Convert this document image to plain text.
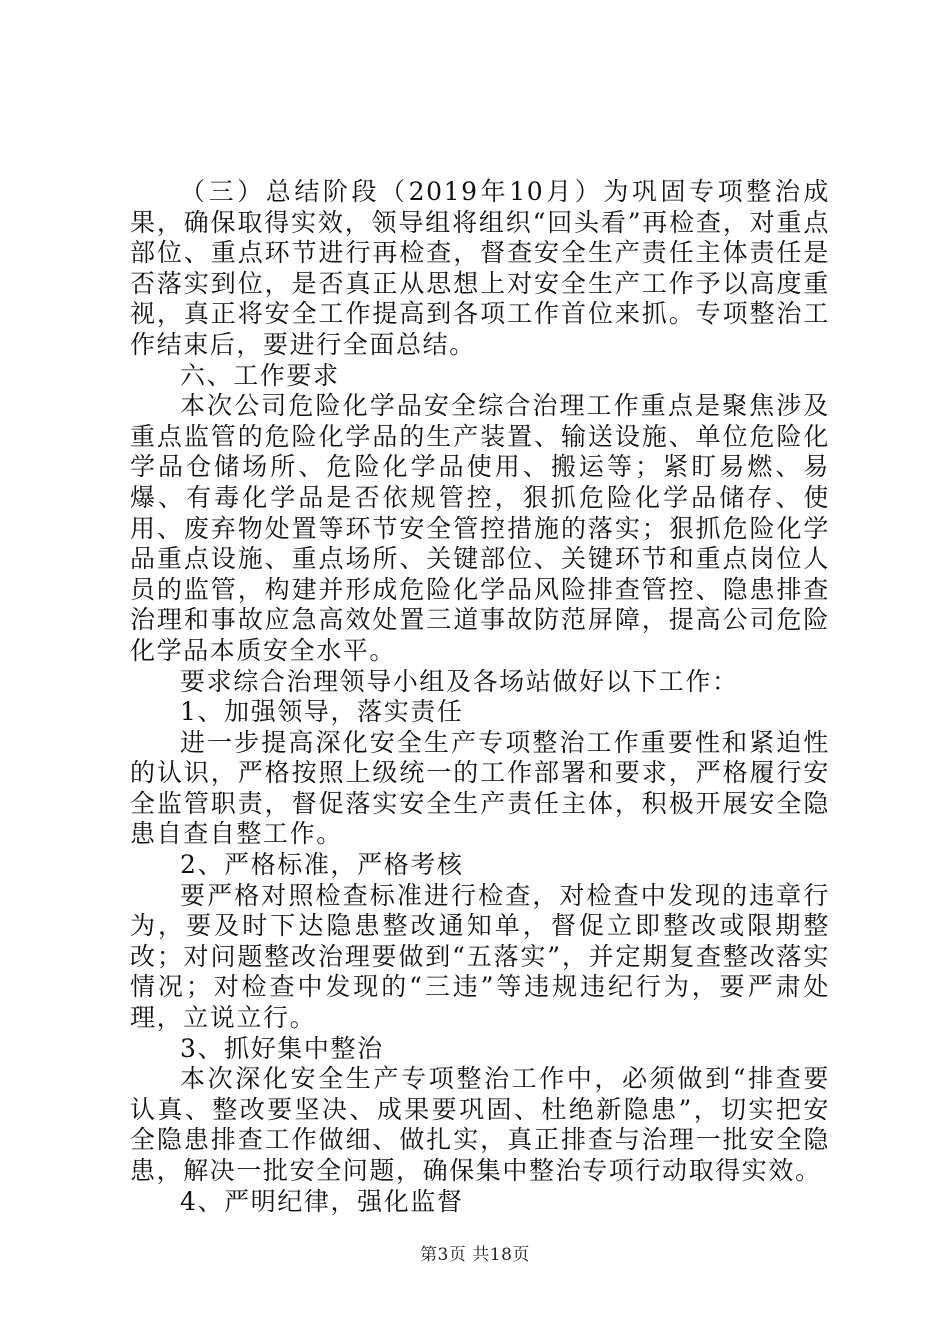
（三）总结阶段（2019年10月）为巩固专项整治成果，确保取得实效，领导组将组织“回头看”再检查，对重点部位、重点环节进行再检查，督查安全生产责任主体责任是否落实到位，是否真正从思想上对安全生产工作予以高度重视，真正将安全工作提高到各项工作首位来抓。专项整治工作结束后，要进行全面总结。

六、工作要求

本次公司危险化学品安全综合治理工作重点是聚焦涉及重点监管的危险化学品的生产装置、输送设施、单位危险化学品仓储场所、危险化学品使用、搬运等；紧盯易燃、易爆、有毒化学品是否依规管控，狠抓危险化学品储存、使用、废弃物处置等环节安全管控措施的落实；狠抓危险化学品重点设施、重点场所、关键部位、关键环节和重点岗位人员的监管，构建并形成危险化学品风险排查管控、隐患排查治理和事故应急高效处置三道事故防范屏障，提高公司危险化学品本质安全水平。

要求综合治理领导小组及各场站做好以下工作：

1、加强领导，落实责任

进一步提高深化安全生产专项整治工作重要性和紧迫性的认识，严格按照上级统一的工作部署和要求，严格履行安全监管职责，督促落实安全生产责任主体，积极开展安全隐患自查自整工作。

2、严格标准，严格考核

要严格对照检查标准进行检查，对检查中发现的违章行为，要及时下达隐患整改通知单，督促立即整改或限期整改；对问题整改治理要做到“五落实”，并定期复查整改落实情况；对检查中发现的“三违”等违规违纪行为，要严肃处理，立说立行。

3、抓好集中整治

本次深化安全生产专项整治工作中，必须做到“排查要认真、整改要坚决、成果要巩固、杜绝新隐患”，切实把安全隐患排查工作做细、做扎实，真正排查与治理一批安全隐患，解决一批安全问题，确保集中整治专项行动取得实效。

4、严明纪律，强化监督

第3页 共18页
